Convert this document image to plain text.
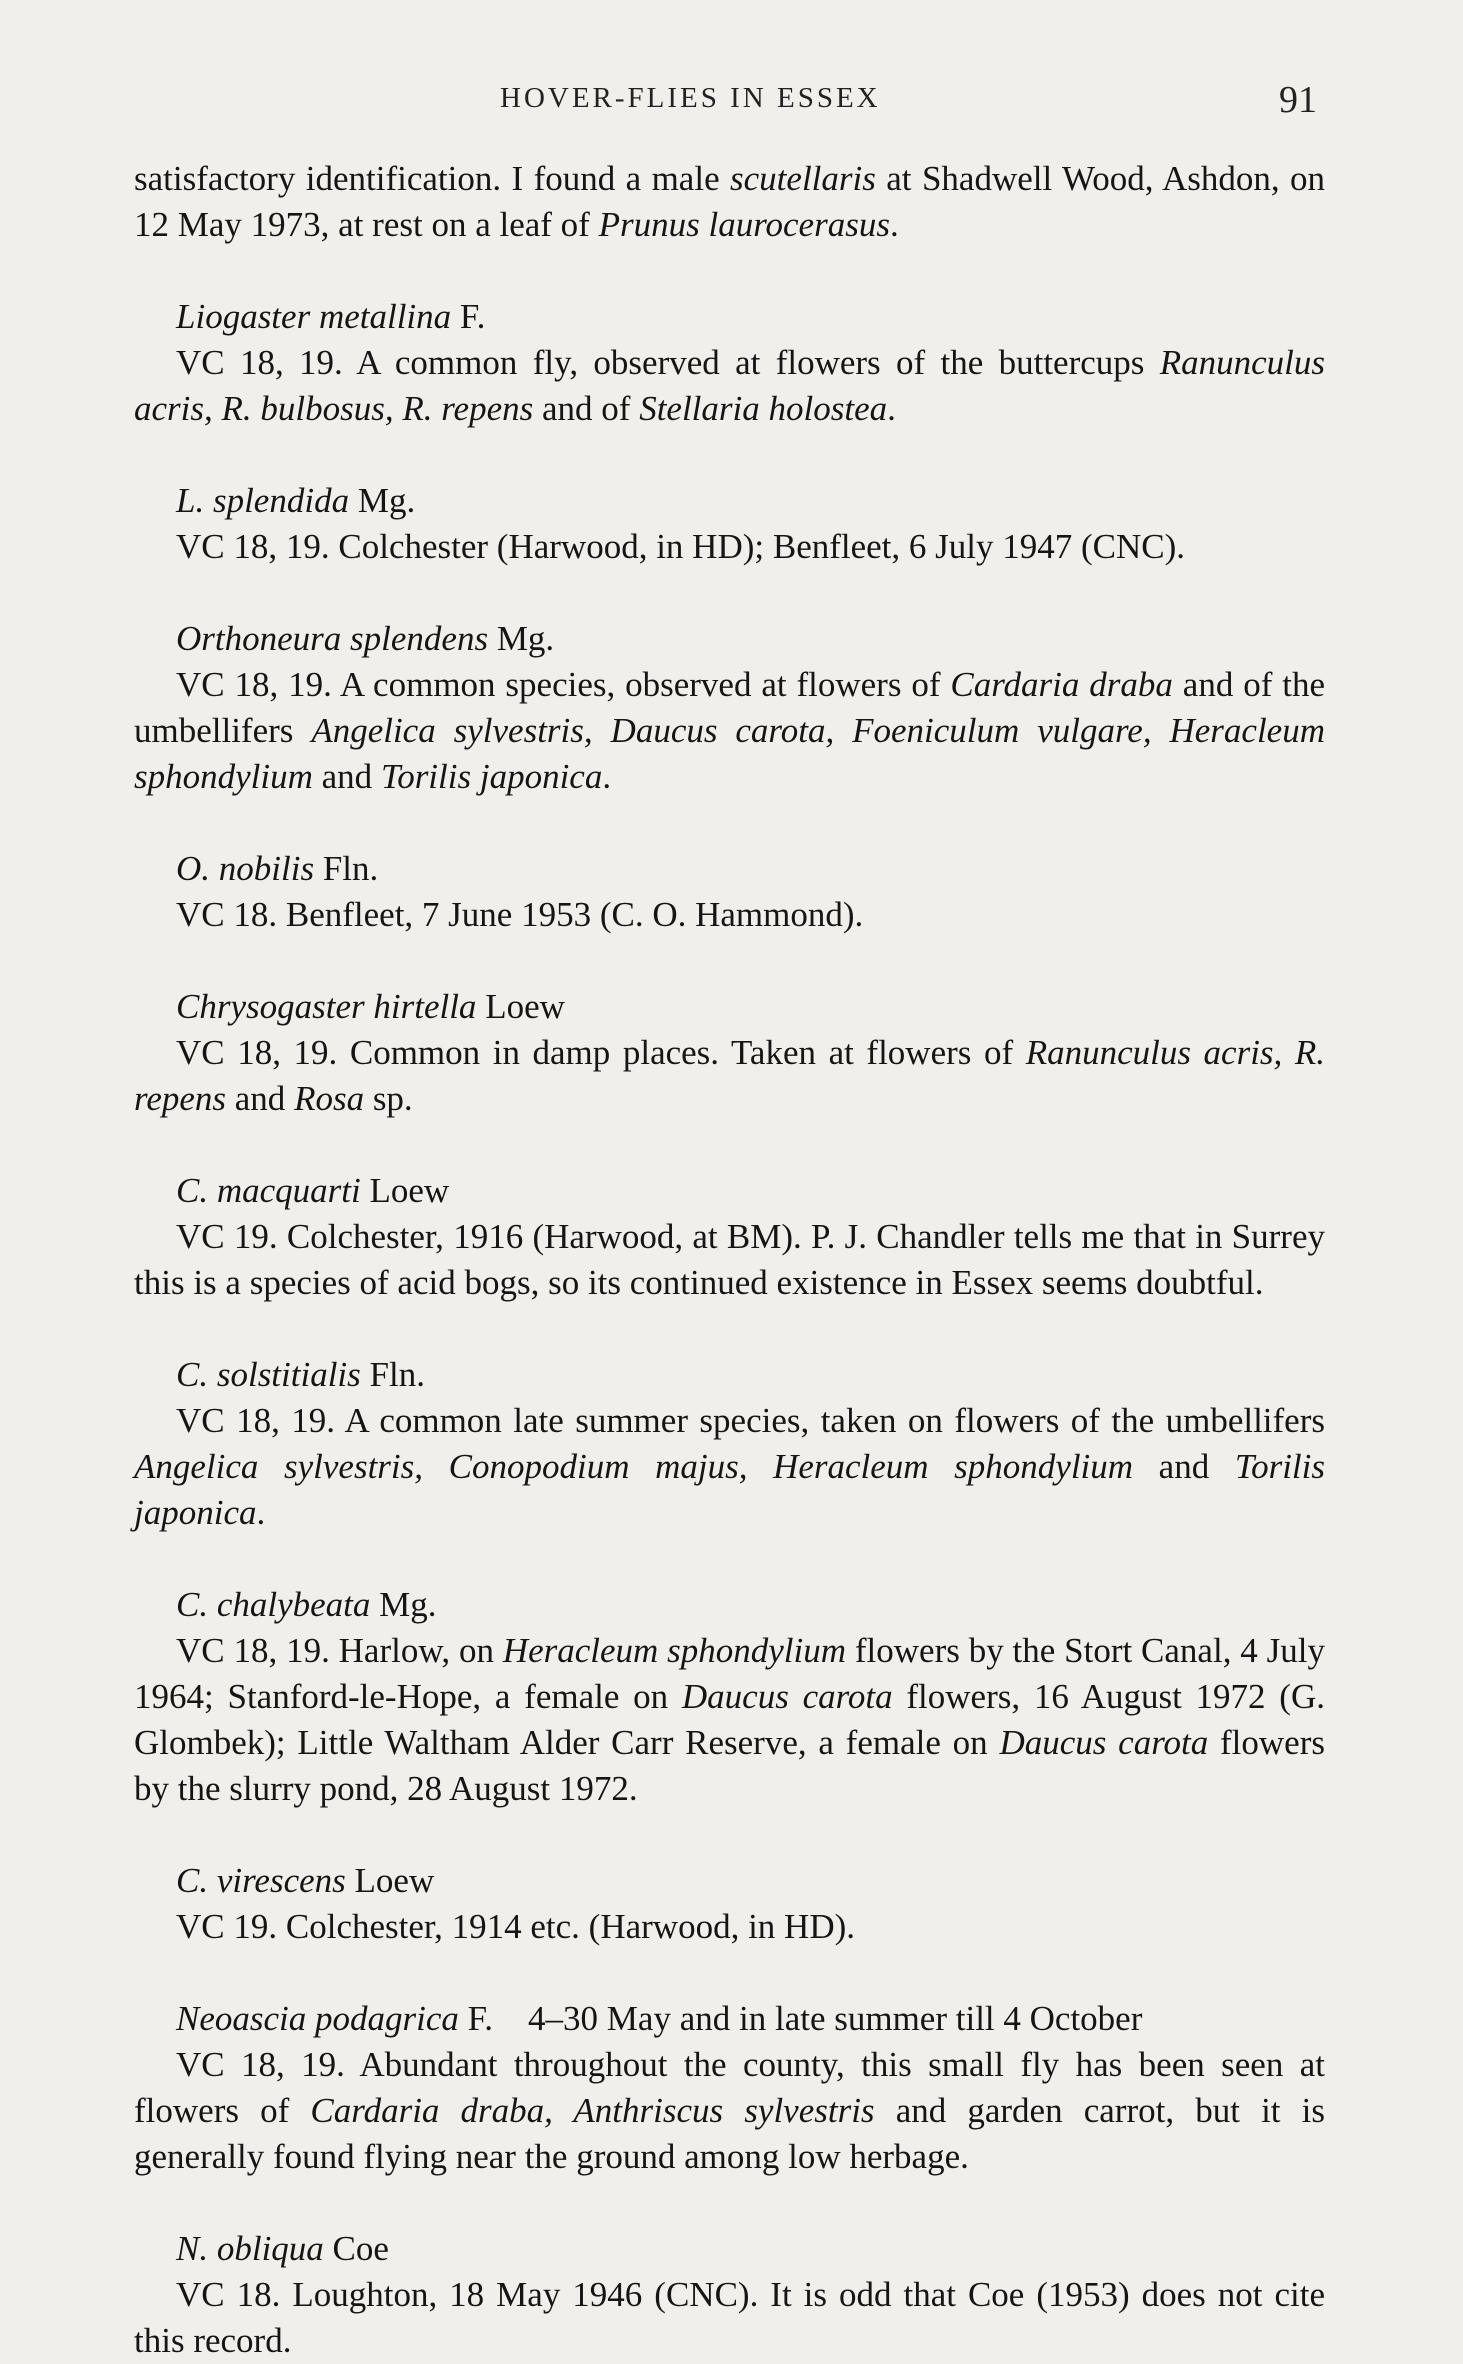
HOVER-FLIES IN ESSEX	91

satisfactory identification. I found a male scutellaris at Shadwell Wood, Ashdon, on 12 May 1973, at rest on a leaf of Prunus laurocerasus.

Liogaster metallina F.
VC 18, 19. A common fly, observed at flowers of the buttercups Ranunculus acris, R. bulbosus, R. repens and of Stellaria holostea.
L. splendida Mg.
VC 18, 19. Colchester (Harwood, in HD); Benfleet, 6 July 1947 (CNC).
Orthoneura splendens Mg.
VC 18, 19. A common species, observed at flowers of Cardaria draba and of the umbellifers Angelica sylvestris, Daucus carota, Foeniculum vulgare, Heracleum sphondylium and Torilis japonica.
O. nobilis Fln.
VC 18. Benfleet, 7 June 1953 (C. O. Hammond).
Chrysogaster hirtella Loew
VC 18, 19. Common in damp places. Taken at flowers of Ranunculus acris, R. repens and Rosa sp.
C. macquarti Loew
VC 19. Colchester, 1916 (Harwood, at BM). P. J. Chandler tells me that in Surrey this is a species of acid bogs, so its continued existence in Essex seems doubtful.
C. solstitialis Fln.
VC 18, 19. A common late summer species, taken on flowers of the umbellifers Angelica sylvestris, Conopodium majus, Heracleum sphondylium and Torilis japonica.
C. chalybeata Mg.
VC 18, 19. Harlow, on Heracleum sphondylium flowers by the Stort Canal, 4 July 1964; Stanford-le-Hope, a female on Daucus carota flowers, 16 August 1972 (G. Glombek); Little Waltham Alder Carr Reserve, a female on Daucus carota flowers by the slurry pond, 28 August 1972.
C. virescens Loew
VC 19. Colchester, 1914 etc. (Harwood, in HD).
Neoascia podagrica F.    4–30 May and in late summer till 4 October
VC 18, 19. Abundant throughout the county, this small fly has been seen at flowers of Cardaria draba, Anthriscus sylvestris and garden carrot, but it is generally found flying near the ground among low herbage.
N. obliqua Coe
VC 18. Loughton, 18 May 1946 (CNC). It is odd that Coe (1953) does not cite this record.
